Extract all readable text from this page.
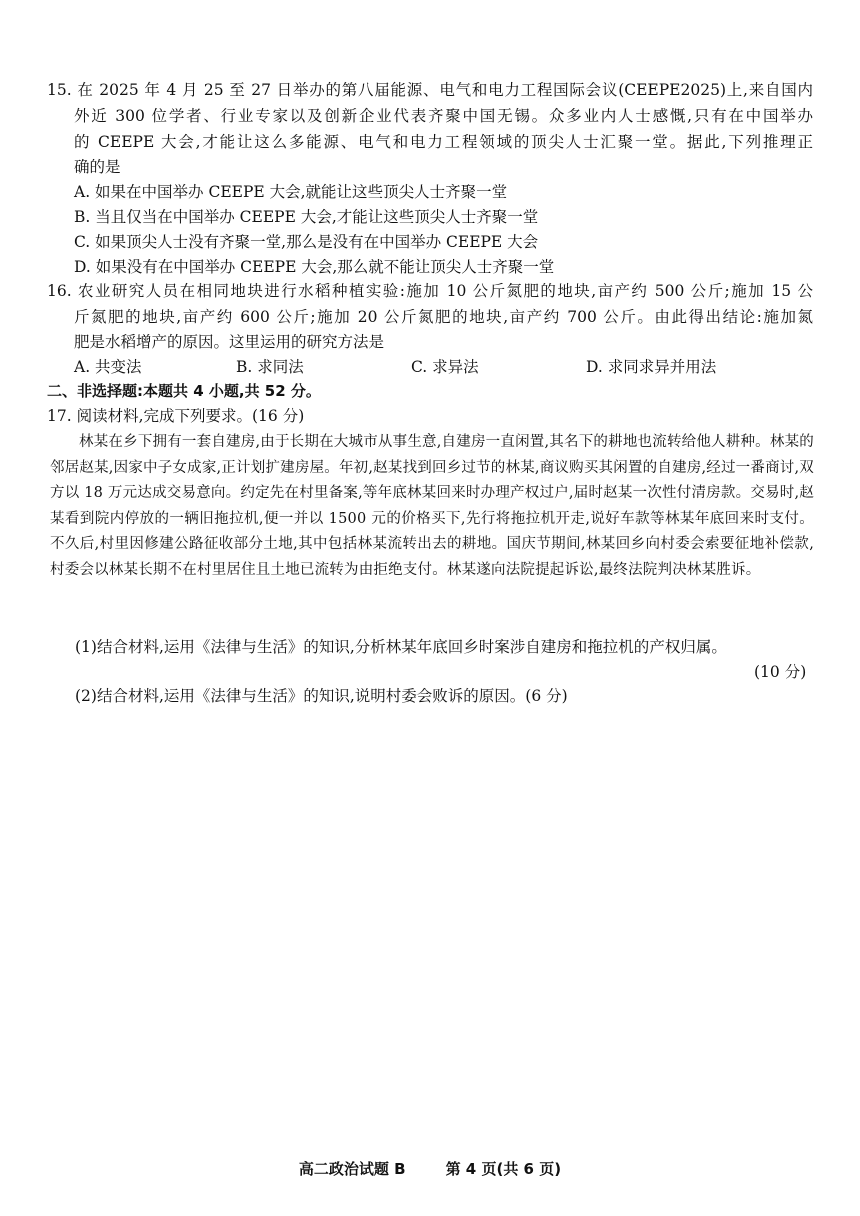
15. 在 2025 年 4 月 25 至 27 日举办的第八届能源、电气和电力工程国际会议(CEEPE2025)上,来自国内
外近 300 位学者、行业专家以及创新企业代表齐聚中国无锡。众多业内人士感慨,只有在中国举办
的 CEEPE 大会,才能让这么多能源、电气和电力工程领域的顶尖人士汇聚一堂。据此,下列推理正
确的是
A. 如果在中国举办 CEEPE 大会,就能让这些顶尖人士齐聚一堂
B. 当且仅当在中国举办 CEEPE 大会,才能让这些顶尖人士齐聚一堂
C. 如果顶尖人士没有齐聚一堂,那么是没有在中国举办 CEEPE 大会
D. 如果没有在中国举办 CEEPE 大会,那么就不能让顶尖人士齐聚一堂
16. 农业研究人员在相同地块进行水稻种植实验:施加 10 公斤氮肥的地块,亩产约 500 公斤;施加 15 公
斤氮肥的地块,亩产约 600 公斤;施加 20 公斤氮肥的地块,亩产约 700 公斤。由此得出结论:施加氮
肥是水稻增产的原因。这里运用的研究方法是
A. 共变法	B. 求同法	C. 求异法	D. 求同求异并用法
二、非选择题:本题共 4 小题,共 52 分。
17. 阅读材料,完成下列要求。(16 分)
林某在乡下拥有一套自建房,由于长期在大城市从事生意,自建房一直闲置,其名下的耕地也流转给他人耕种。林某的邻居赵某,因家中子女成家,正计划扩建房屋。年初,赵某找到回乡过节的林某,商议购买其闲置的自建房,经过一番商讨,双方以 18 万元达成交易意向。约定先在村里备案,等年底林某回来时办理产权过户,届时赵某一次性付清房款。交易时,赵某看到院内停放的一辆旧拖拉机,便一并以 1500 元的价格买下,先行将拖拉机开走,说好车款等林某年底回来时支付。不久后,村里因修建公路征收部分土地,其中包括林某流转出去的耕地。国庆节期间,林某回乡向村委会索要征地补偿款,村委会以林某长期不在村里居住且土地已流转为由拒绝支付。林某遂向法院提起诉讼,最终法院判决林某胜诉。
(1)结合材料,运用《法律与生活》的知识,分析林某年底回乡时案涉自建房和拖拉机的产权归属。
(10 分)
(2)结合材料,运用《法律与生活》的知识,说明村委会败诉的原因。(6 分)
高二政治试题 B	第 4 页(共 6 页)
